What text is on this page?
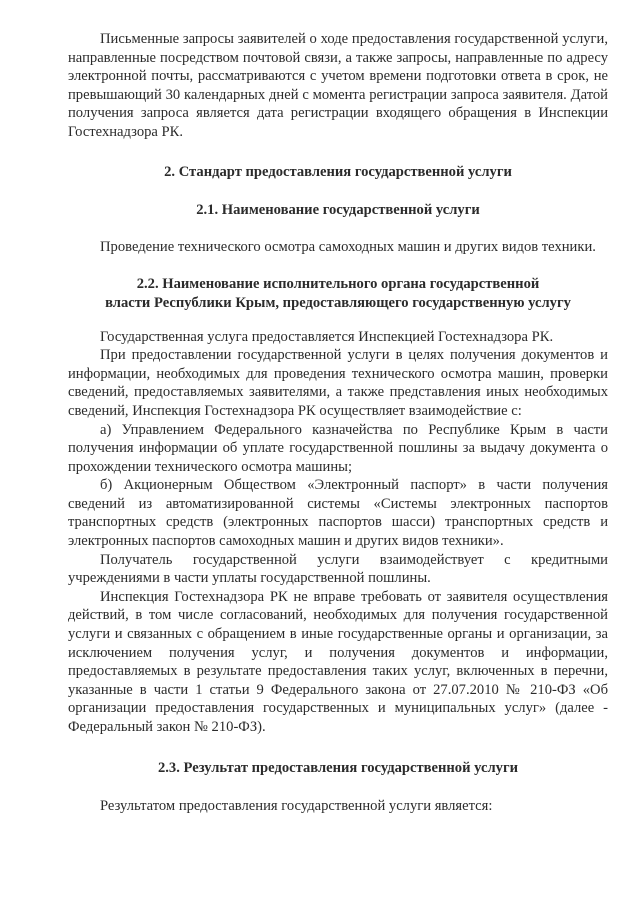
Письменные запросы заявителей о ходе предоставления государственной услуги, направленные посредством почтовой связи, а также запросы, направленные по адресу электронной почты, рассматриваются с учетом времени подготовки ответа в срок, не превышающий 30 календарных дней с момента регистрации запроса заявителя. Датой получения запроса является дата регистрации входящего обращения в Инспекции Гостехнадзора РК.

2. Стандарт предоставления государственной услуги

2.1. Наименование государственной услуги

Проведение технического осмотра самоходных машин и других видов техники.

2.2. Наименование исполнительного органа государственной
власти Республики Крым, предоставляющего государственную услугу

Государственная услуга предоставляется Инспекцией Гостехнадзора РК.

При предоставлении государственной услуги в целях получения документов и информации, необходимых для проведения технического осмотра машин, проверки сведений, предоставляемых заявителями, а также представления иных необходимых сведений, Инспекция Гостехнадзора РК осуществляет взаимодействие с:

а) Управлением Федерального казначейства по Республике Крым в части получения информации об уплате государственной пошлины за выдачу документа о прохождении технического осмотра машины;

б) Акционерным Обществом «Электронный паспорт» в части получения сведений из автоматизированной системы «Системы электронных паспортов транспортных средств (электронных паспортов шасси) транспортных средств и электронных паспортов самоходных машин и других видов техники».

Получатель государственной услуги взаимодействует с кредитными учреждениями в части уплаты государственной пошлины.

Инспекция Гостехнадзора РК не вправе требовать от заявителя осуществления действий, в том числе согласований, необходимых для получения государственной услуги и связанных с обращением в иные государственные органы и организации, за исключением получения услуг, и получения документов и информации, предоставляемых в результате предоставления таких услуг, включенных в перечни, указанные в части 1 статьи 9 Федерального закона от 27.07.2010 № 210-ФЗ «Об организации предоставления государственных и муниципальных услуг» (далее - Федеральный закон № 210-ФЗ).

2.3. Результат предоставления государственной услуги

Результатом предоставления государственной услуги является:
